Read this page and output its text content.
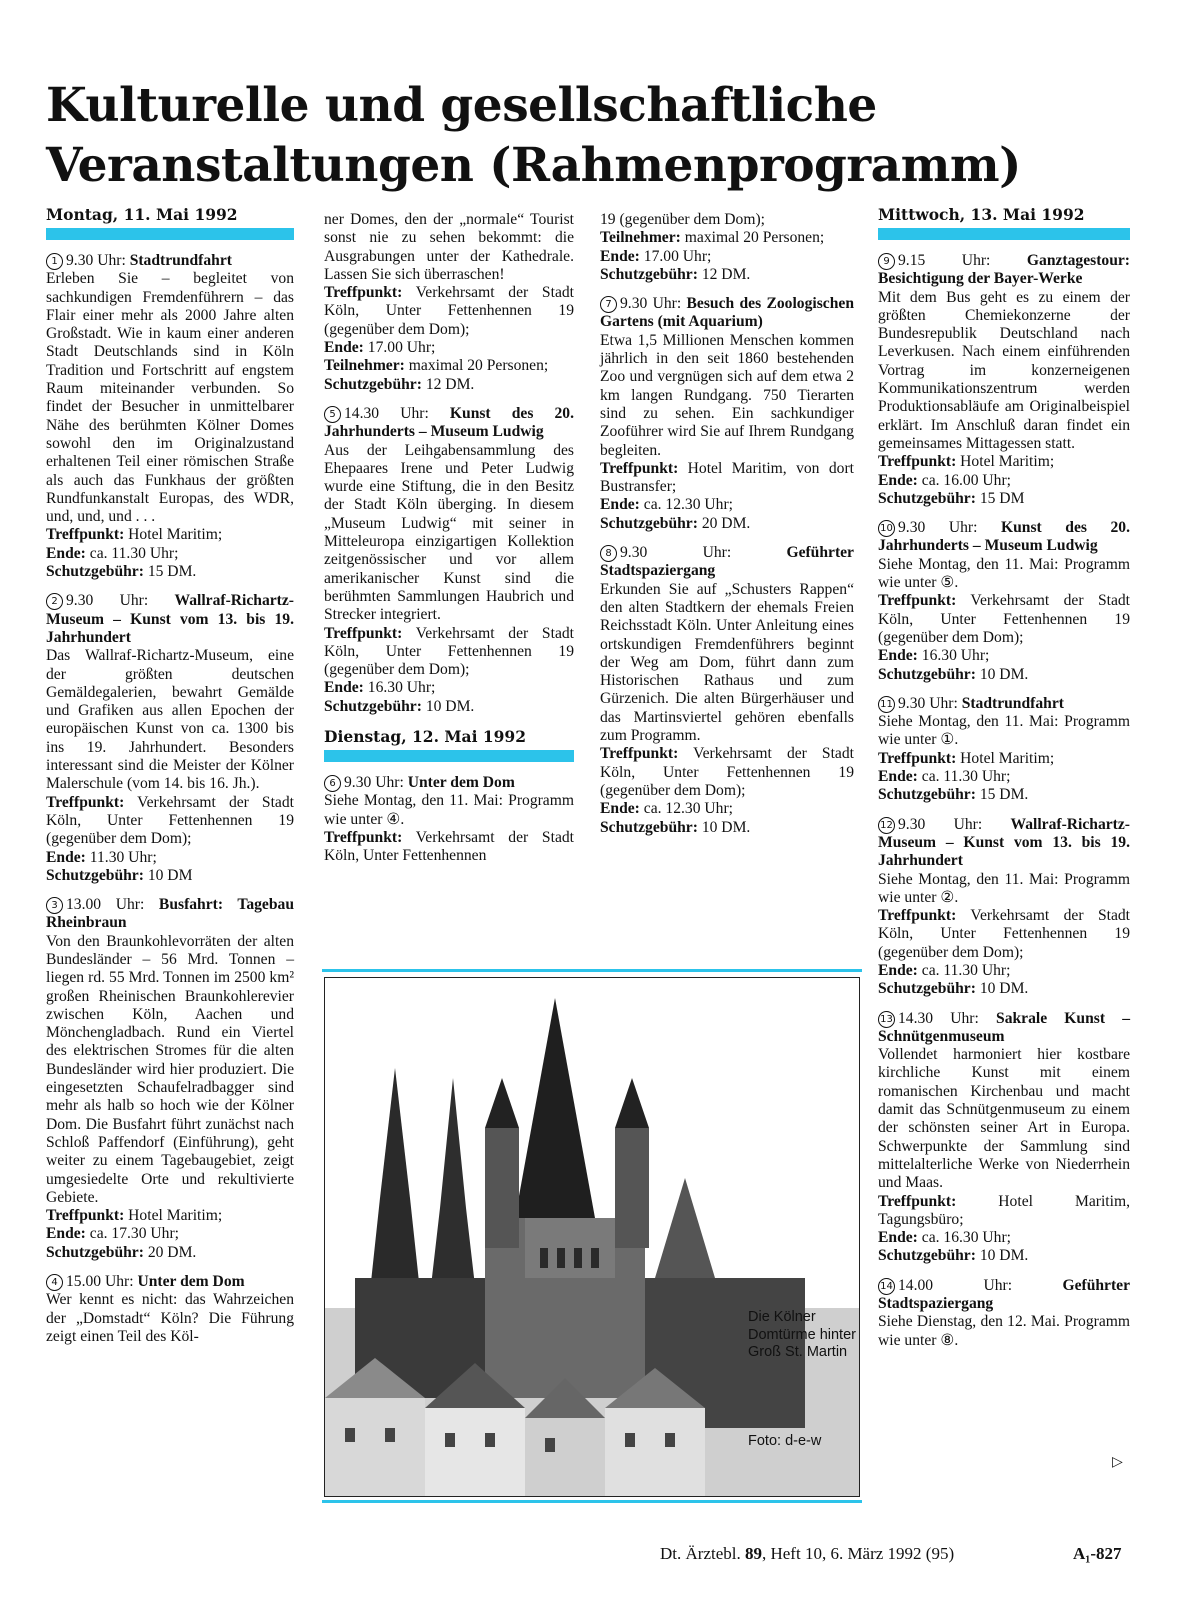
Kulturelle und gesellschaftliche
Veranstaltungen (Rahmenprogramm)
Montag, 11. Mai 1992

1 9.30 Uhr: Stadtrundfahrt

Erleben Sie – begleitet von sachkundigen Fremdenführern – das Flair einer mehr als 2000 Jahre alten Großstadt. Wie in kaum einer anderen Stadt Deutschlands sind in Köln Tradition und Fortschritt auf engstem Raum miteinander verbunden. So findet der Besucher in unmittelbarer Nähe des berühmten Kölner Domes sowohl den im Originalzustand erhaltenen Teil einer römischen Straße als auch das Funkhaus der größten Rundfunkanstalt Europas, des WDR, und, und, und . . .

Treffpunkt: Hotel Maritim;

Ende: ca. 11.30 Uhr;

Schutzgebühr: 15 DM.

2 9.30 Uhr: Wallraf-Richartz-Museum – Kunst vom 13. bis 19. Jahrhundert

Das Wallraf-Richartz-Museum, eine der größten deutschen Gemäldegalerien, bewahrt Gemälde und Grafiken aus allen Epochen der europäischen Kunst von ca. 1300 bis ins 19. Jahrhundert. Besonders interessant sind die Meister der Kölner Malerschule (vom 14. bis 16. Jh.).

Treffpunkt: Verkehrsamt der Stadt Köln, Unter Fettenhennen 19 (gegenüber dem Dom);

Ende: 11.30 Uhr;

Schutzgebühr: 10 DM

3 13.00 Uhr: Busfahrt: Tagebau Rheinbraun

Von den Braunkohlevorräten der alten Bundesländer – 56 Mrd. Tonnen – liegen rd. 55 Mrd. Tonnen im 2500 km² großen Rheinischen Braunkohlerevier zwischen Köln, Aachen und Mönchengladbach. Rund ein Viertel des elektrischen Stromes für die alten Bundesländer wird hier produziert. Die eingesetzten Schaufelradbagger sind mehr als halb so hoch wie der Kölner Dom. Die Busfahrt führt zunächst nach Schloß Paffendorf (Einführung), geht weiter zu einem Tagebaugebiet, zeigt umgesiedelte Orte und rekultivierte Gebiete.

Treffpunkt: Hotel Maritim;

Ende: ca. 17.30 Uhr;

Schutzgebühr: 20 DM.

4 15.00 Uhr: Unter dem Dom

Wer kennt es nicht: das Wahrzeichen der „Domstadt“ Köln? Die Führung zeigt einen Teil des Köl-

ner Domes, den der „normale“ Tourist sonst nie zu sehen bekommt: die Ausgrabungen unter der Kathedrale. Lassen Sie sich überraschen!

Treffpunkt: Verkehrsamt der Stadt Köln, Unter Fettenhennen 19 (gegenüber dem Dom);

Ende: 17.00 Uhr;

Teilnehmer: maximal 20 Personen;

Schutzgebühr: 12 DM.

5 14.30 Uhr: Kunst des 20. Jahrhunderts – Museum Ludwig

Aus der Leihgabensammlung des Ehepaares Irene und Peter Ludwig wurde eine Stiftung, die in den Besitz der Stadt Köln überging. In diesem „Museum Ludwig“ mit seiner in Mitteleuropa einzigartigen Kollektion zeitgenössischer und vor allem amerikanischer Kunst sind die berühmten Sammlungen Haubrich und Strecker integriert.

Treffpunkt: Verkehrsamt der Stadt Köln, Unter Fettenhennen 19 (gegenüber dem Dom);

Ende: 16.30 Uhr;

Schutzgebühr: 10 DM.

Dienstag, 12. Mai 1992

6 9.30 Uhr: Unter dem Dom

Siehe Montag, den 11. Mai: Programm wie unter ④.

Treffpunkt: Verkehrsamt der Stadt Köln, Unter Fettenhennen

19 (gegenüber dem Dom);

Teilnehmer: maximal 20 Personen;

Ende: 17.00 Uhr;

Schutzgebühr: 12 DM.

7 9.30 Uhr: Besuch des Zoologischen Gartens (mit Aquarium)

Etwa 1,5 Millionen Menschen kommen jährlich in den seit 1860 bestehenden Zoo und vergnügen sich auf dem etwa 2 km langen Rundgang. 750 Tierarten sind zu sehen. Ein sachkundiger Zooführer wird Sie auf Ihrem Rundgang begleiten.

Treffpunkt: Hotel Maritim, von dort Bustransfer;

Ende: ca. 12.30 Uhr;

Schutzgebühr: 20 DM.

8 9.30 Uhr:	Geführter Stadtspaziergang

Erkunden Sie auf „Schusters Rappen“ den alten Stadtkern der ehemals Freien Reichsstadt Köln. Unter Anleitung eines ortskundigen Fremdenführers beginnt der Weg am Dom, führt dann zum Historischen Rathaus und zum Gürzenich. Die alten Bürgerhäuser und das Martinsviertel gehören ebenfalls zum Programm.

Treffpunkt: Verkehrsamt der Stadt Köln, Unter Fettenhennen 19 (gegenüber dem Dom);

Ende: ca. 12.30 Uhr;

Schutzgebühr: 10 DM.

Mittwoch, 13. Mai 1992

9 9.15 Uhr: Ganztagestour: Besichtigung der Bayer-Werke

Mit dem Bus geht es zu einem der größten Chemiekonzerne der Bundesrepublik Deutschland nach Leverkusen. Nach einem einführenden Vortrag im konzerneigenen Kommunikationszentrum werden Produktionsabläufe am Originalbeispiel erklärt. Im Anschluß daran findet ein gemeinsames Mittagessen statt.

Treffpunkt: Hotel Maritim;

Ende: ca. 16.00 Uhr;

Schutzgebühr: 15 DM

10 9.30 Uhr: Kunst des 20. Jahrhunderts – Museum Ludwig

Siehe Montag, den 11. Mai: Programm wie unter ⑤.

Treffpunkt: Verkehrsamt der Stadt Köln, Unter Fettenhennen 19 (gegenüber dem Dom);

Ende: 16.30 Uhr;

Schutzgebühr: 10 DM.

11 9.30 Uhr: Stadtrundfahrt

Siehe Montag, den 11. Mai: Programm wie unter ①.

Treffpunkt: Hotel Maritim;

Ende: ca. 11.30 Uhr;

Schutzgebühr: 15 DM.

12 9.30 Uhr: Wallraf-Richartz-Museum – Kunst vom 13. bis 19. Jahrhundert

Siehe Montag, den 11. Mai: Programm wie unter ②.

Treffpunkt: Verkehrsamt der Stadt Köln, Unter Fettenhennen 19 (gegenüber dem Dom);

Ende: ca. 11.30 Uhr;

Schutzgebühr: 10 DM.

13 14.30 Uhr: Sakrale Kunst – Schnütgenmuseum

Vollendet harmoniert hier kostbare kirchliche Kunst mit einem romanischen Kirchenbau und macht damit das Schnütgenmuseum zu einem der schönsten seiner Art in Europa. Schwerpunkte der Sammlung sind mittelalterliche Werke von Niederrhein und Maas.

Treffpunkt:	Hotel Maritim, Tagungsbüro;

Ende: ca. 16.30 Uhr;

Schutzgebühr: 10 DM.

14 14.00 Uhr:	Geführter Stadtspaziergang

Siehe Dienstag, den 12. Mai. Programm wie unter ⑧.

▷
Die Kölner Domtürme hinter Groß St. Martin
Foto: d-e-w
Dt. Ärztebl. 89, Heft 10, 6. März 1992 (95)	A₁-827
